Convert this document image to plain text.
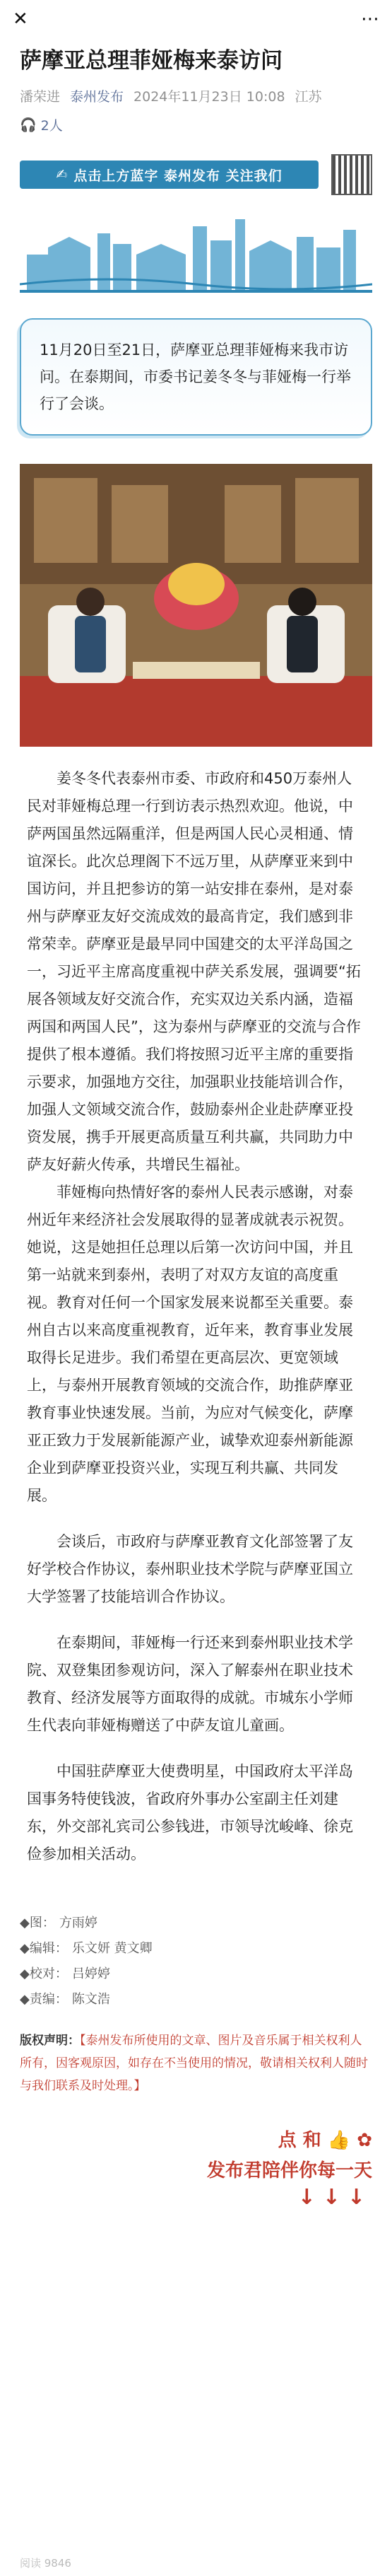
✕	⋯
萨摩亚总理菲娅梅来泰访问
潘荣进 泰州发布 2024年11月23日 10:08 江苏
🎧 2人
✍ 点击上方蓝字 泰州发布 关注我们
11月20日至21日，萨摩亚总理菲娅梅来我市访问。在泰期间，市委书记姜冬冬与菲娅梅一行举行了会谈。

姜冬冬代表泰州市委、市政府和450万泰州人民对菲娅梅总理一行到访表示热烈欢迎。他说，中萨两国虽然远隔重洋，但是两国人民心灵相通、情谊深长。此次总理阁下不远万里，从萨摩亚来到中国访问，并且把参访的第一站安排在泰州，是对泰州与萨摩亚友好交流成效的最高肯定，我们感到非常荣幸。萨摩亚是最早同中国建交的太平洋岛国之一，习近平主席高度重视中萨关系发展，强调要“拓展各领域友好交流合作，充实双边关系内涵，造福两国和两国人民”，这为泰州与萨摩亚的交流与合作提供了根本遵循。我们将按照习近平主席的重要指示要求，加强地方交往，加强职业技能培训合作，加强人文领域交流合作，鼓励泰州企业赴萨摩亚投资发展，携手开展更高质量互利共赢，共同助力中萨友好薪火传承，共增民生福祉。

菲娅梅向热情好客的泰州人民表示感谢，对泰州近年来经济社会发展取得的显著成就表示祝贺。她说，这是她担任总理以后第一次访问中国，并且第一站就来到泰州，表明了对双方友谊的高度重视。教育对任何一个国家发展来说都至关重要。泰州自古以来高度重视教育，近年来，教育事业发展取得长足进步。我们希望在更高层次、更宽领域上，与泰州开展教育领域的交流合作，助推萨摩亚教育事业快速发展。当前，为应对气候变化，萨摩亚正致力于发展新能源产业，诚挚欢迎泰州新能源企业到萨摩亚投资兴业，实现互利共赢、共同发展。

会谈后，市政府与萨摩亚教育文化部签署了友好学校合作协议，泰州职业技术学院与萨摩亚国立大学签署了技能培训合作协议。

在泰期间，菲娅梅一行还来到泰州职业技术学院、双登集团参观访问，深入了解泰州在职业技术教育、经济发展等方面取得的成就。市城东小学师生代表向菲娅梅赠送了中萨友谊儿童画。

中国驻萨摩亚大使费明星，中国政府太平洋岛国事务特使钱波，省政府外事办公室副主任刘建东，外交部礼宾司公参钱进，市领导沈峻峰、徐克俭参加相关活动。

◆图： 方雨婷
◆编辑： 乐文妍 黄文卿
◆校对： 吕婷婷
◆责编： 陈文浩
版权声明：【泰州发布所使用的文章、图片及音乐属于相关权利人所有，因客观原因，如存在不当使用的情况，敬请相关权利人随时与我们联系及时处理。】
点 和 👍 ✿
发布君陪伴你每一天
↓↓↓
阅读 9846
